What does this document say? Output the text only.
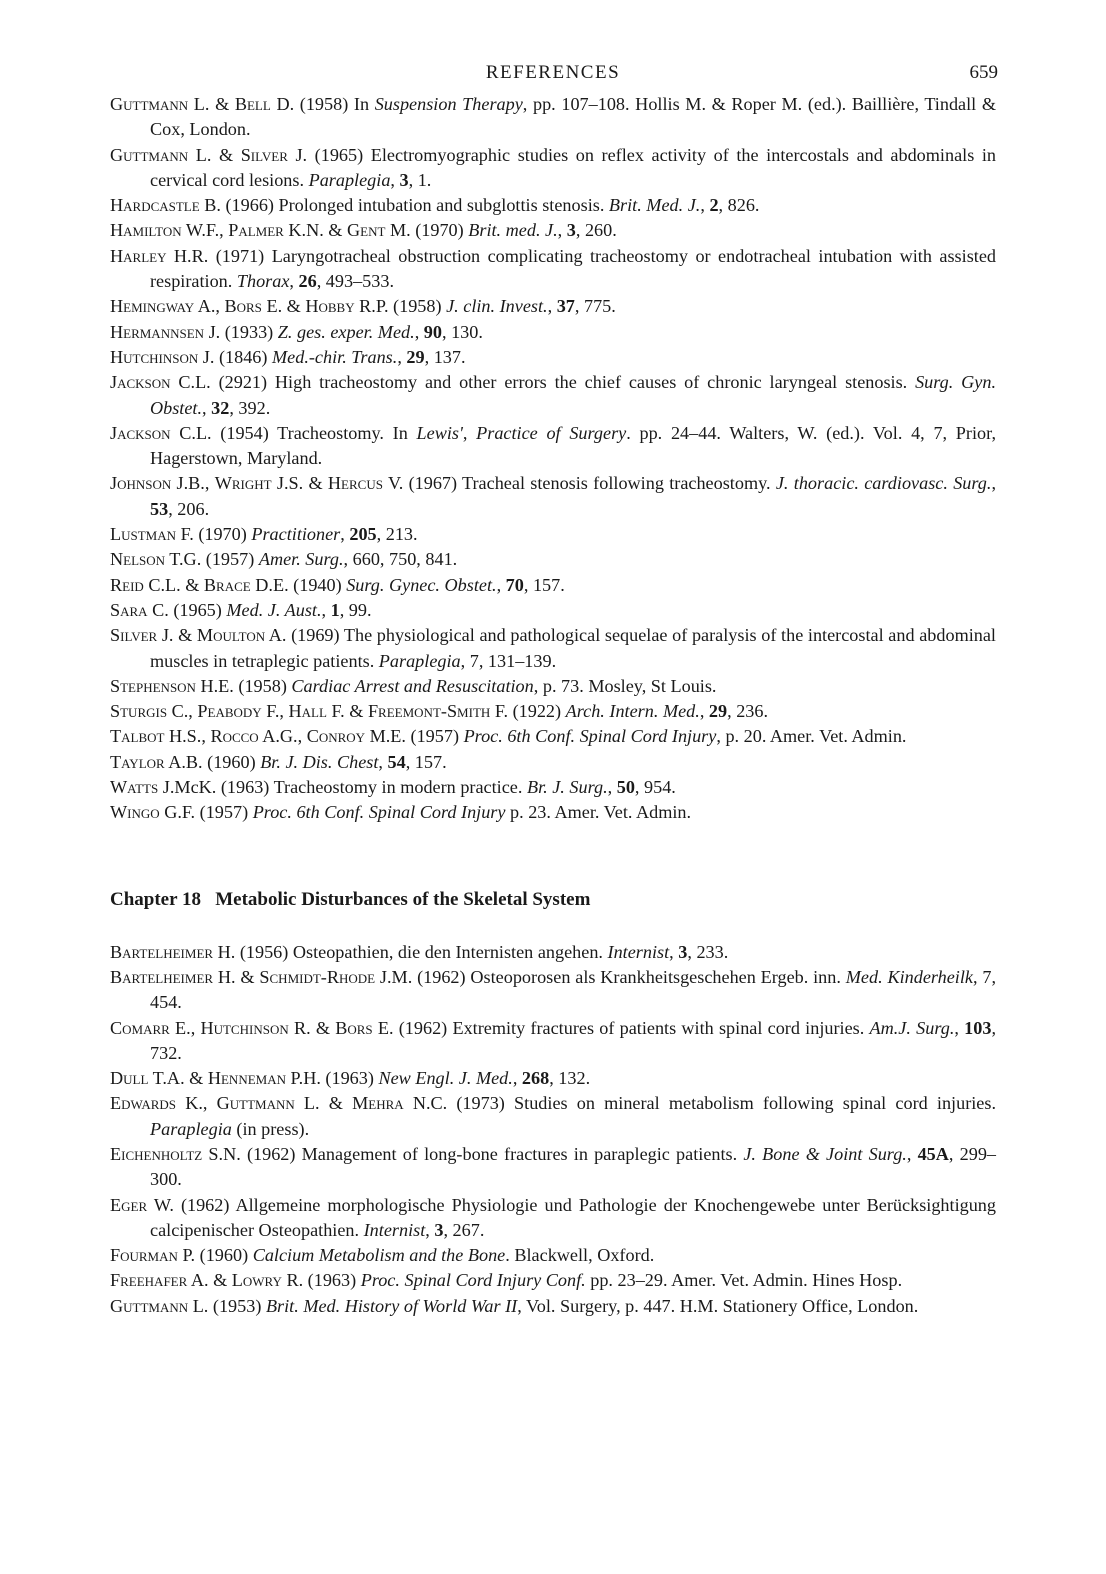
REFERENCES	659
Guttmann L. & Bell D. (1958) In Suspension Therapy, pp. 107–108. Hollis M. & Roper M. (ed.). Baillière, Tindall & Cox, London.
Guttmann L. & Silver J. (1965) Electromyographic studies on reflex activity of the intercostals and abdominals in cervical cord lesions. Paraplegia, 3, 1.
Hardcastle B. (1966) Prolonged intubation and subglottis stenosis. Brit. Med. J., 2, 826.
Hamilton W.F., Palmer K.N. & Gent M. (1970) Brit. med. J., 3, 260.
Harley H.R. (1971) Laryngotracheal obstruction complicating tracheostomy or endotracheal intubation with assisted respiration. Thorax, 26, 493–533.
Hemingway A., Bors E. & Hobby R.P. (1958) J. clin. Invest., 37, 775.
Hermannsen J. (1933) Z. ges. exper. Med., 90, 130.
Hutchinson J. (1846) Med.-chir. Trans., 29, 137.
Jackson C.L. (2921) High tracheostomy and other errors the chief causes of chronic laryngeal stenosis. Surg. Gyn. Obstet., 32, 392.
Jackson C.L. (1954) Tracheostomy. In Lewis', Practice of Surgery. pp. 24–44. Walters, W. (ed.). Vol. 4, 7, Prior, Hagerstown, Maryland.
Johnson J.B., Wright J.S. & Hercus V. (1967) Tracheal stenosis following tracheostomy. J. thoracic. cardiovasc. Surg., 53, 206.
Lustman F. (1970) Practitioner, 205, 213.
Nelson T.G. (1957) Amer. Surg., 660, 750, 841.
Reid C.L. & Brace D.E. (1940) Surg. Gynec. Obstet., 70, 157.
Sara C. (1965) Med. J. Aust., 1, 99.
Silver J. & Moulton A. (1969) The physiological and pathological sequelae of paralysis of the intercostal and abdominal muscles in tetraplegic patients. Paraplegia, 7, 131–139.
Stephenson H.E. (1958) Cardiac Arrest and Resuscitation, p. 73. Mosley, St Louis.
Sturgis C., Peabody F., Hall F. & Freemont-Smith F. (1922) Arch. Intern. Med., 29, 236.
Talbot H.S., Rocco A.G., Conroy M.E. (1957) Proc. 6th Conf. Spinal Cord Injury, p. 20. Amer. Vet. Admin.
Taylor A.B. (1960) Br. J. Dis. Chest, 54, 157.
Watts J.McK. (1963) Tracheostomy in modern practice. Br. J. Surg., 50, 954.
Wingo G.F. (1957) Proc. 6th Conf. Spinal Cord Injury p. 23. Amer. Vet. Admin.
Chapter 18   Metabolic Disturbances of the Skeletal System
Bartelheimer H. (1956) Osteopathien, die den Internisten angehen. Internist, 3, 233.
Bartelheimer H. & Schmidt-Rhode J.M. (1962) Osteoporosen als Krankheitsgeschehen Ergeb. inn. Med. Kinderheilk, 7, 454.
Comarr E., Hutchinson R. & Bors E. (1962) Extremity fractures of patients with spinal cord injuries. Am.J. Surg., 103, 732.
Dull T.A. & Henneman P.H. (1963) New Engl. J. Med., 268, 132.
Edwards K., Guttmann L. & Mehra N.C. (1973) Studies on mineral metabolism following spinal cord injuries. Paraplegia (in press).
Eichenholtz S.N. (1962) Management of long-bone fractures in paraplegic patients. J. Bone & Joint Surg., 45A, 299–300.
Eger W. (1962) Allgemeine morphologische Physiologie und Pathologie der Knochengewebe unter Berücksightigung calcipenischer Osteopathien. Internist, 3, 267.
Fourman P. (1960) Calcium Metabolism and the Bone. Blackwell, Oxford.
Freehafer A. & Lowry R. (1963) Proc. Spinal Cord Injury Conf. pp. 23–29. Amer. Vet. Admin. Hines Hosp.
Guttmann L. (1953) Brit. Med. History of World War II, Vol. Surgery, p. 447. H.M. Stationery Office, London.
